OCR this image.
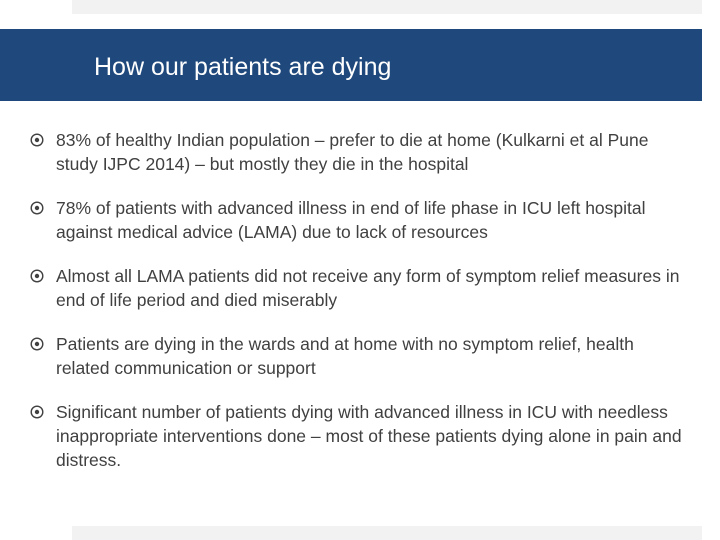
How our patients are dying
83% of healthy Indian population – prefer to die at home (Kulkarni et al Pune study IJPC 2014) – but mostly they die in the hospital
78% of patients with advanced illness in end of life phase in ICU left hospital against medical advice (LAMA) due to lack of resources
Almost all LAMA patients did not receive any form of symptom relief measures in end of life period and died miserably
Patients are dying in the wards and at home with no symptom relief, health related communication or support
Significant number of patients dying with advanced illness in ICU with needless inappropriate interventions done – most of these patients dying alone in pain and distress.
